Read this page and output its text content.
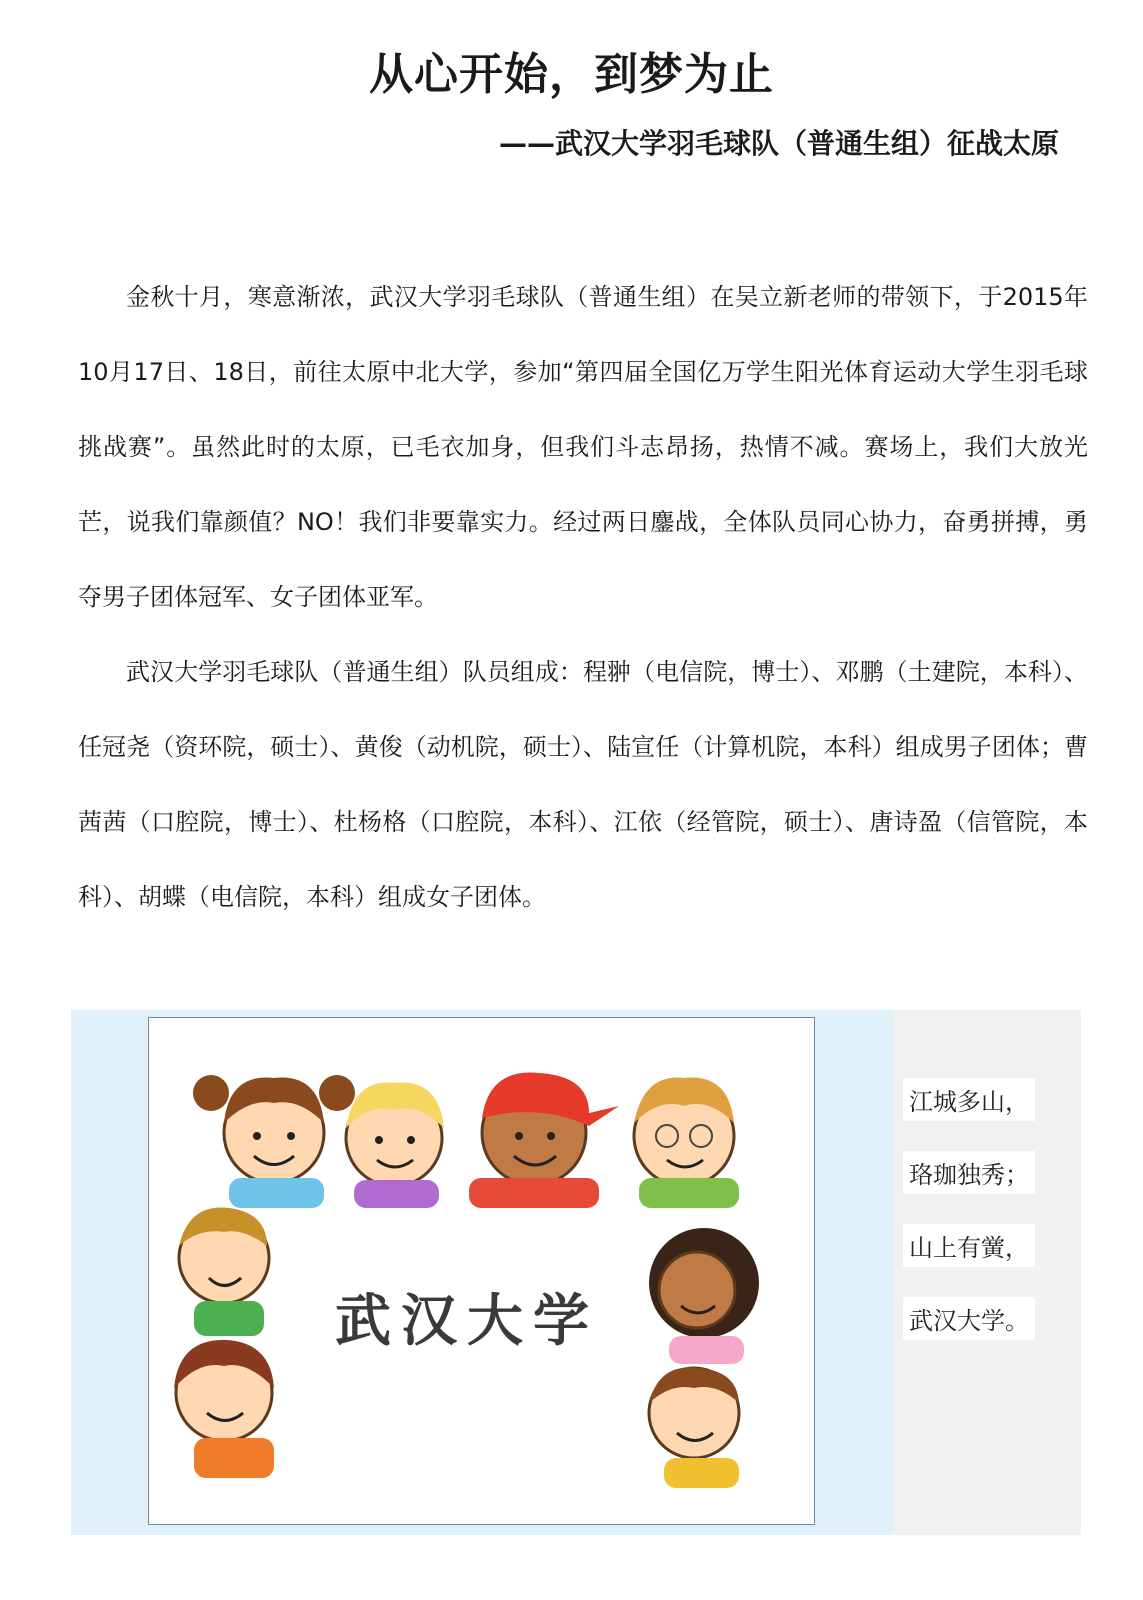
从心开始，到梦为止
——武汉大学羽毛球队（普通生组）征战太原

金秋十月，寒意渐浓，武汉大学羽毛球队（普通生组）在吴立新老师的带领下，于2015年10月17日、18日，前往太原中北大学，参加“第四届全国亿万学生阳光体育运动大学生羽毛球挑战赛”。虽然此时的太原，已毛衣加身，但我们斗志昂扬，热情不减。赛场上，我们大放光芒，说我们靠颜值？NO！我们非要靠实力。经过两日鏖战，全体队员同心协力，奋勇拼搏，勇夺男子团体冠军、女子团体亚军。

武汉大学羽毛球队（普通生组）队员组成：程翀（电信院，博士）、邓鹏（土建院，本科）、任冠尧（资环院，硕士）、黄俊（动机院，硕士）、陆宣任（计算机院，本科）组成男子团体；曹茜茜（口腔院，博士）、杜杨格（口腔院，本科）、江依（经管院，硕士）、唐诗盈（信管院，本科）、胡蝶（电信院，本科）组成女子团体。

武汉大学
江城多山，
珞珈独秀；
山上有黉，
武汉大学。
